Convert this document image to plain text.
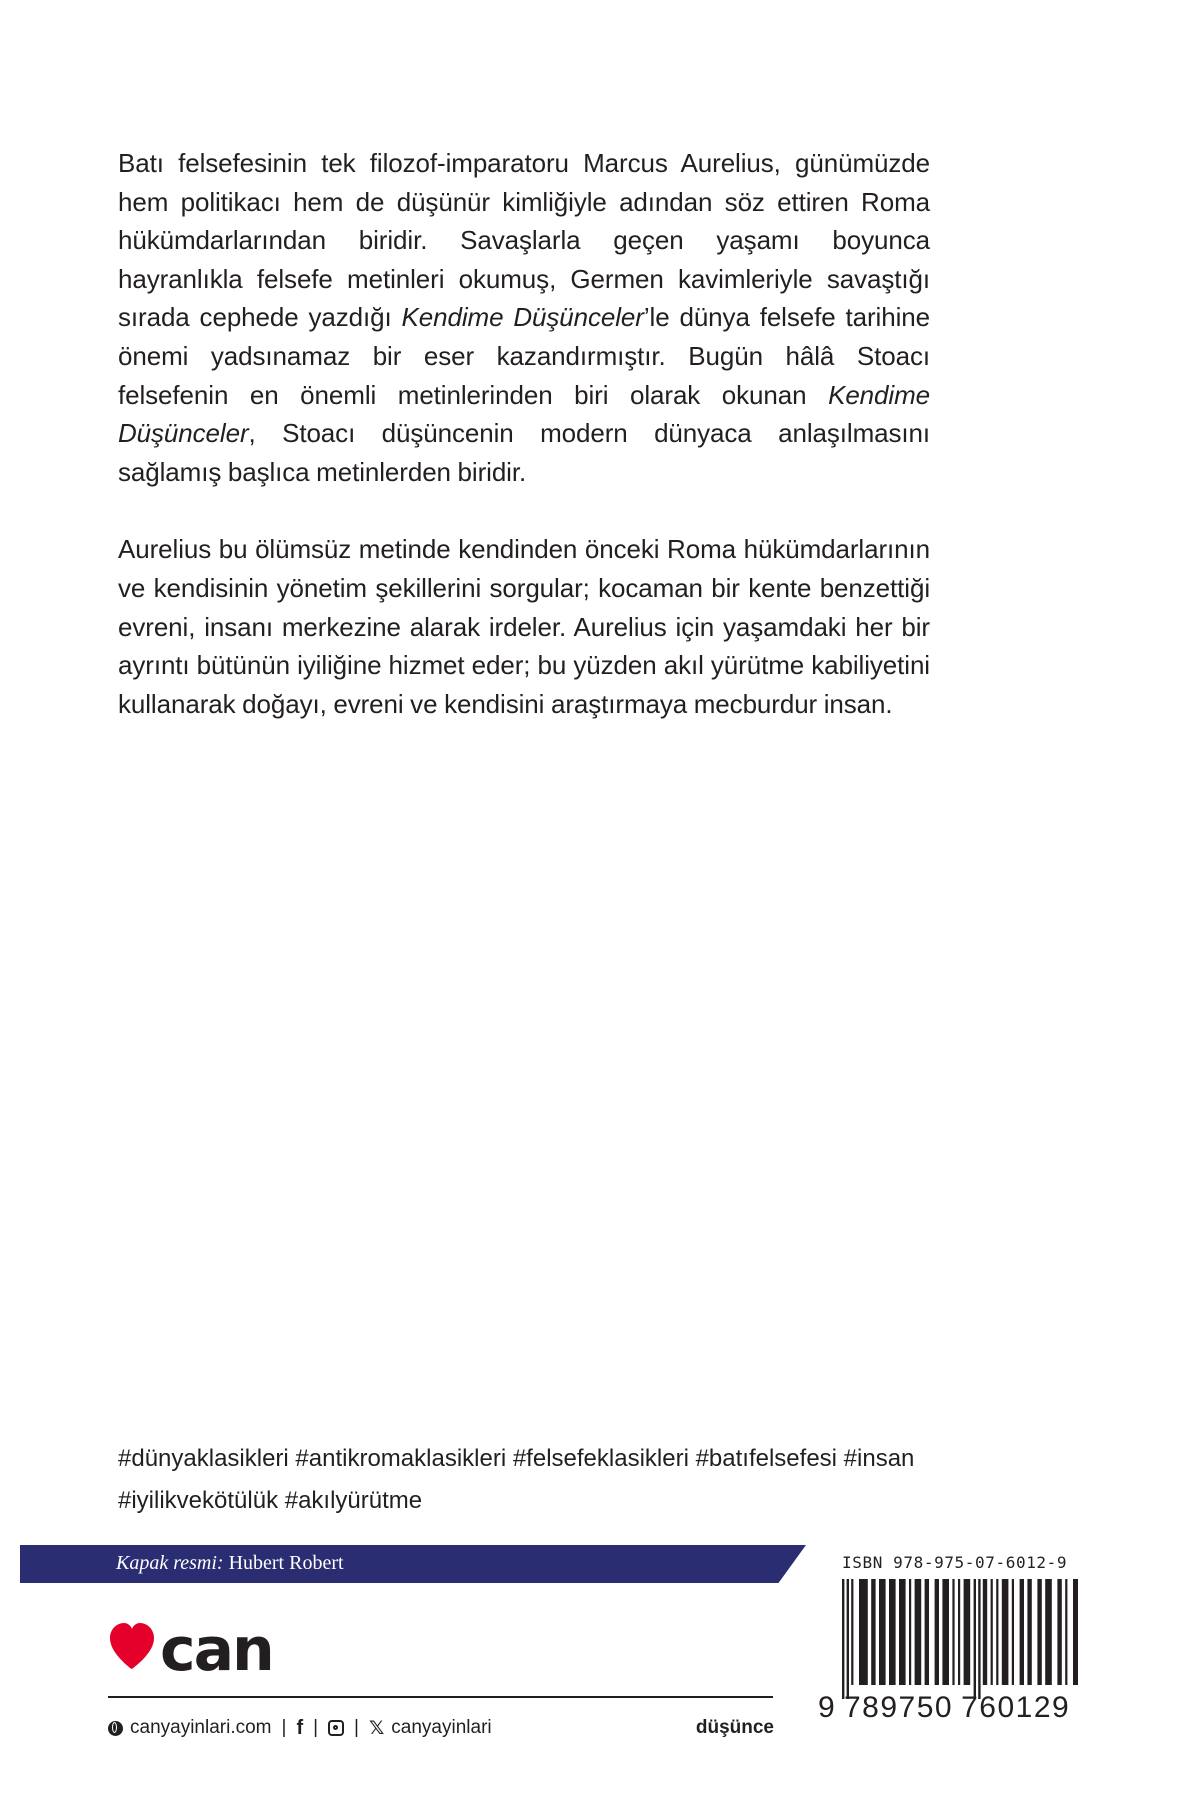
Batı felsefesinin tek filozof-imparatoru Marcus Aurelius, günümüzde hem politikacı hem de düşünür kimliğiyle adından söz ettiren Roma hükümdarlarından biridir. Savaşlarla geçen yaşamı boyunca hayranlıkla felsefe metinleri okumuş, Germen kavimleriyle savaştığı sırada cephede yazdığı Kendime Düşünceler’le dünya felsefe tarihine önemi yadsınamaz bir eser kazandırmıştır. Bugün hâlâ Stoacı felsefenin en önemli metinlerinden biri olarak okunan Kendime Düşünceler, Stoacı düşüncenin modern dünyaca anlaşılmasını sağlamış başlıca metinlerden biridir.

Aurelius bu ölümsüz metinde kendinden önceki Roma hükümdarlarının ve kendisinin yönetim şekillerini sorgular; kocaman bir kente benzettiği evreni, insanı merkezine alarak irdeler. Aurelius için yaşamdaki her bir ayrıntı bütünün iyiliğine hizmet eder; bu yüzden akıl yürütme kabiliyetini kullanarak doğayı, evreni ve kendisini araştırmaya mecburdur insan.

#dünyaklasikleri #antikromaklasikleri #felsefeklasikleri #batıfelsefesi #insan
#iyilikvekötülük #akılyürütme
Kapak resmi: Hubert Robert
can
canyayinlari.com | f | | 𝕏 canyayinlari	düşünce
ISBN 978-975-07-6012-9
9 789750 760129
